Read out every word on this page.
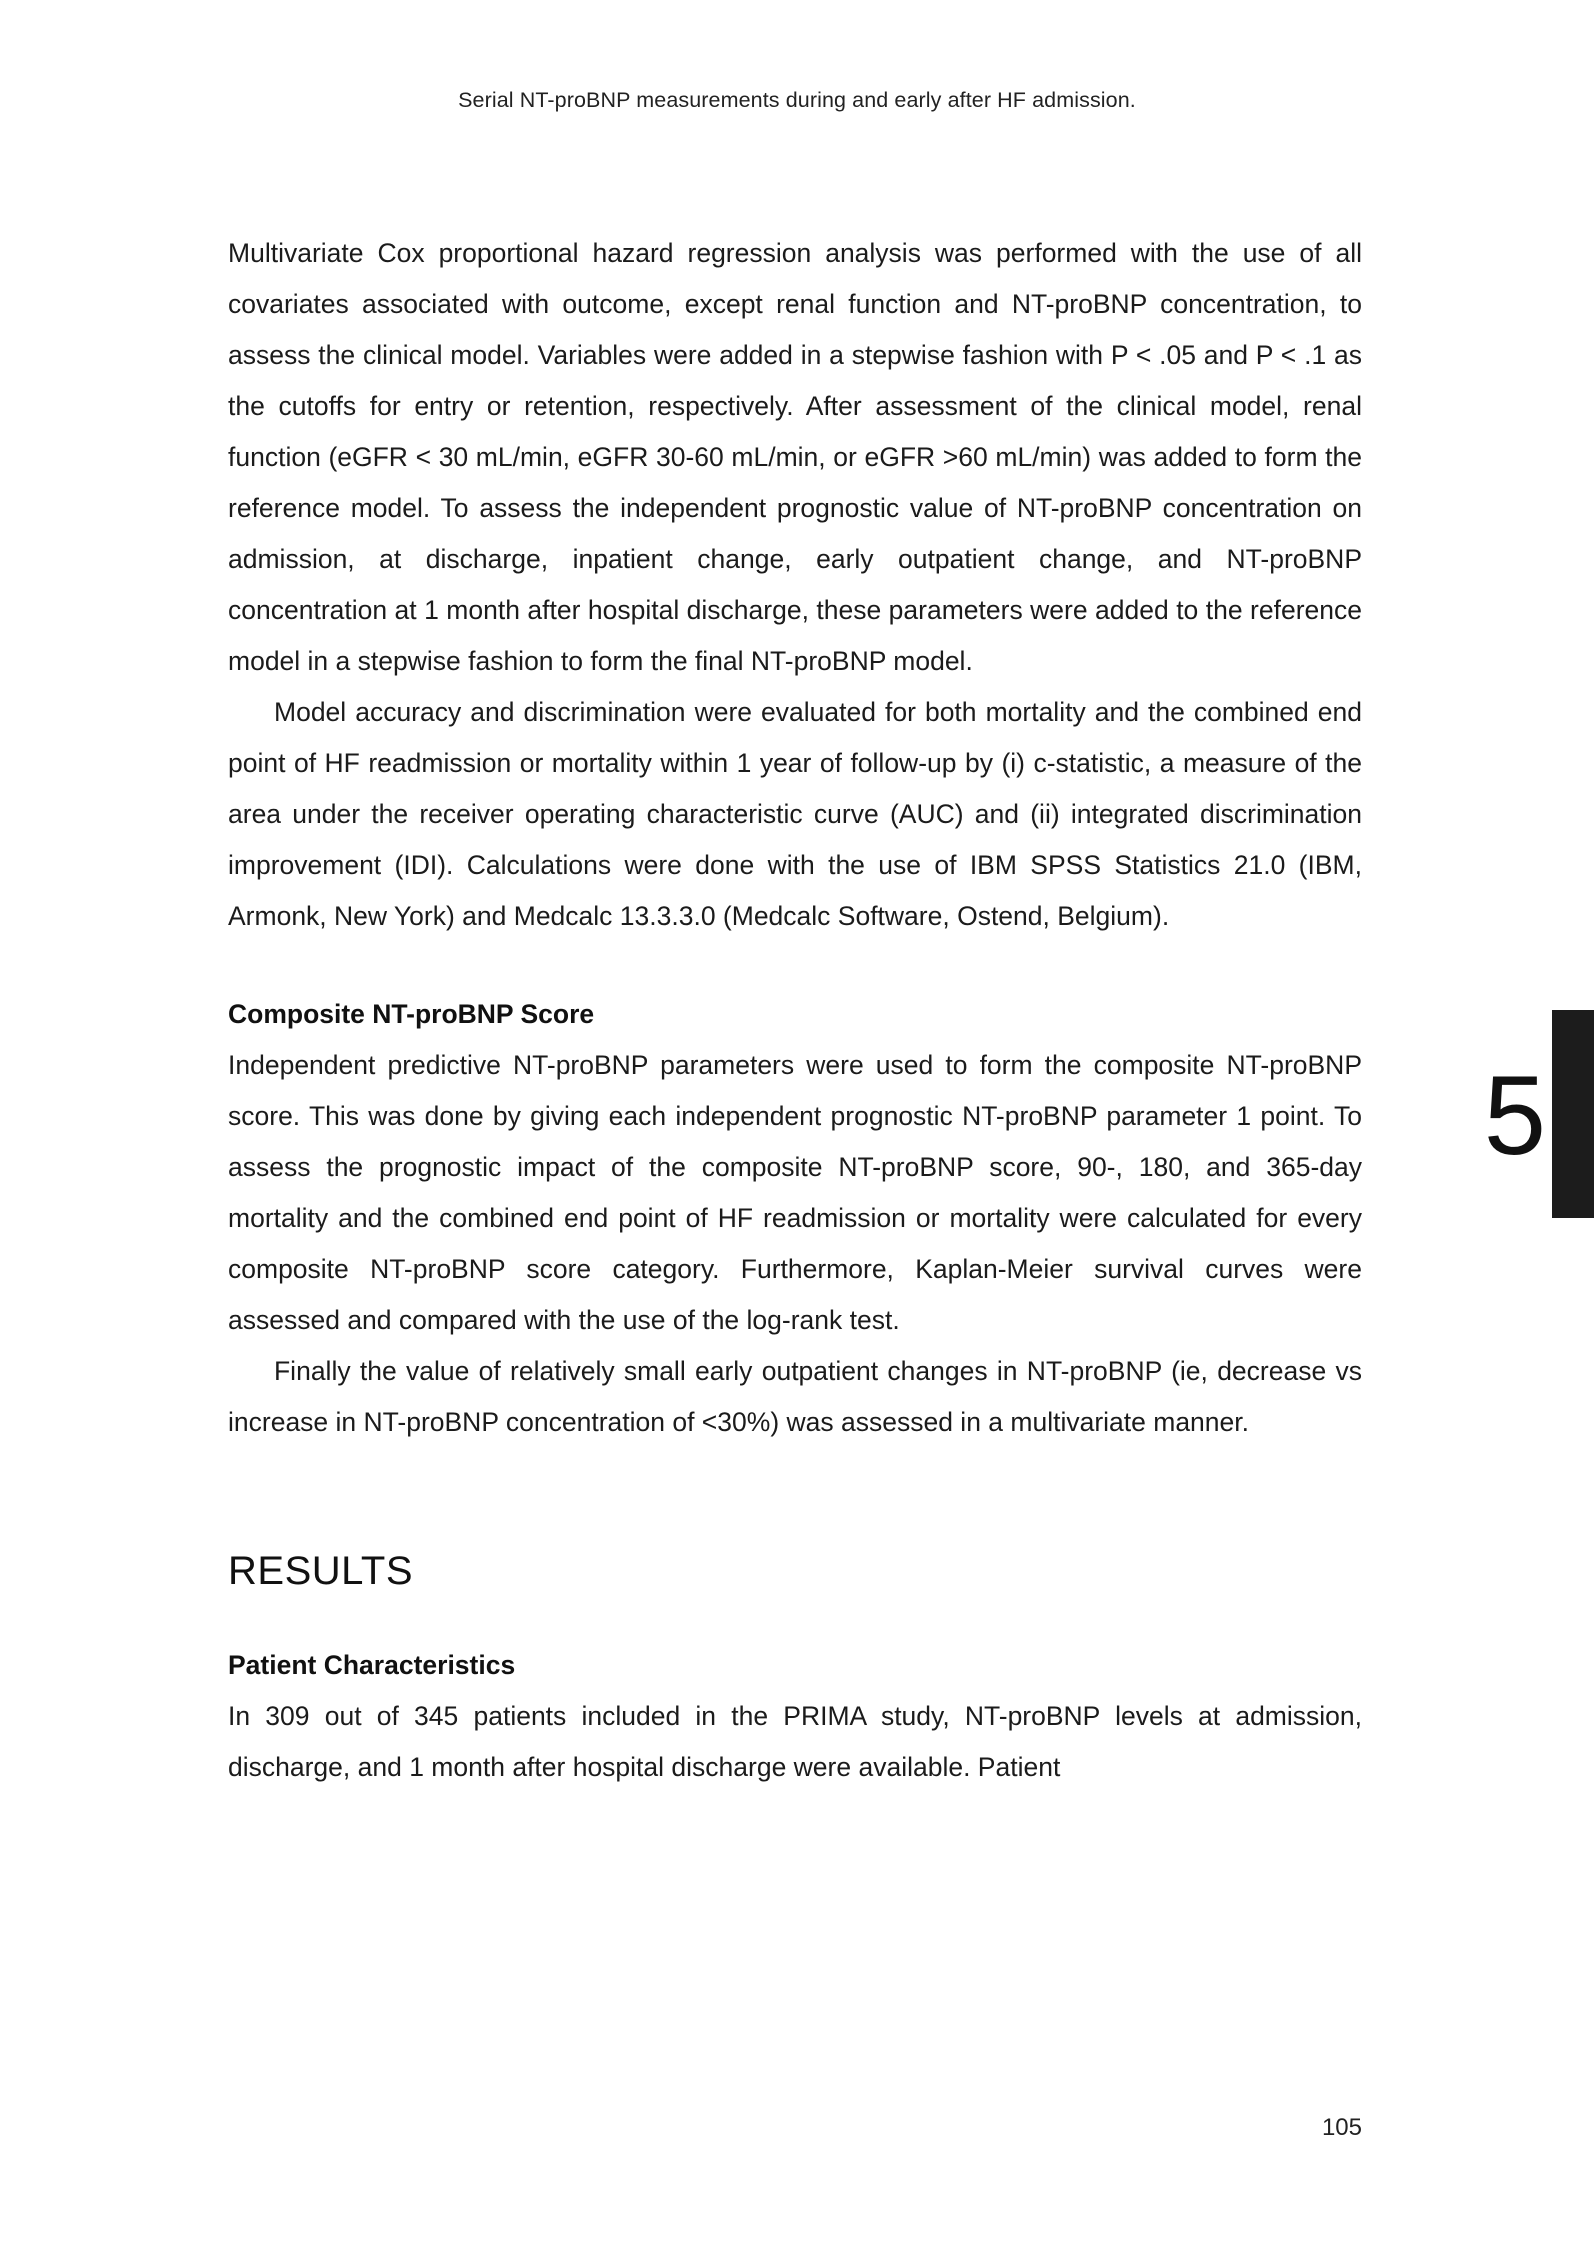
Serial NT-proBNP measurements during and early after HF admission.

Multivariate Cox proportional hazard regression analysis was performed with the use of all covariates associated with outcome, except renal function and NT-proBNP concentration, to assess the clinical model. Variables were added in a stepwise fashion with P < .05 and P < .1 as the cutoffs for entry or retention, respectively. After assessment of the clinical model, renal function (eGFR < 30 mL/min, eGFR 30-60 mL/min, or eGFR >60 mL/min) was added to form the reference model. To assess the independent prognostic value of NT-proBNP concentration on admission, at discharge, inpatient change, early outpatient change, and NT-proBNP concentration at 1 month after hospital discharge, these parameters were added to the reference model in a stepwise fashion to form the final NT-proBNP model.

Model accuracy and discrimination were evaluated for both mortality and the combined end point of HF readmission or mortality within 1 year of follow-up by (i) c-statistic, a measure of the area under the receiver operating characteristic curve (AUC) and (ii) integrated discrimination improvement (IDI). Calculations were done with the use of IBM SPSS Statistics 21.0 (IBM, Armonk, New York) and Medcalc 13.3.3.0 (Medcalc Software, Ostend, Belgium).

Composite NT-proBNP Score

Independent predictive NT-proBNP parameters were used to form the composite NT-proBNP score. This was done by giving each independent prognostic NT-proBNP parameter 1 point. To assess the prognostic impact of the composite NT-proBNP score, 90-, 180, and 365-day mortality and the combined end point of HF readmission or mortality were calculated for every composite NT-proBNP score category. Furthermore, Kaplan-Meier survival curves were assessed and compared with the use of the log-rank test.

Finally the value of relatively small early outpatient changes in NT-proBNP (ie, decrease vs increase in NT-proBNP concentration of <30%) was assessed in a multivariate manner.

RESULTS
Patient Characteristics

In 309 out of 345 patients included in the PRIMA study, NT-proBNP levels at admission, discharge, and 1 month after hospital discharge were available. Patient

5
105
